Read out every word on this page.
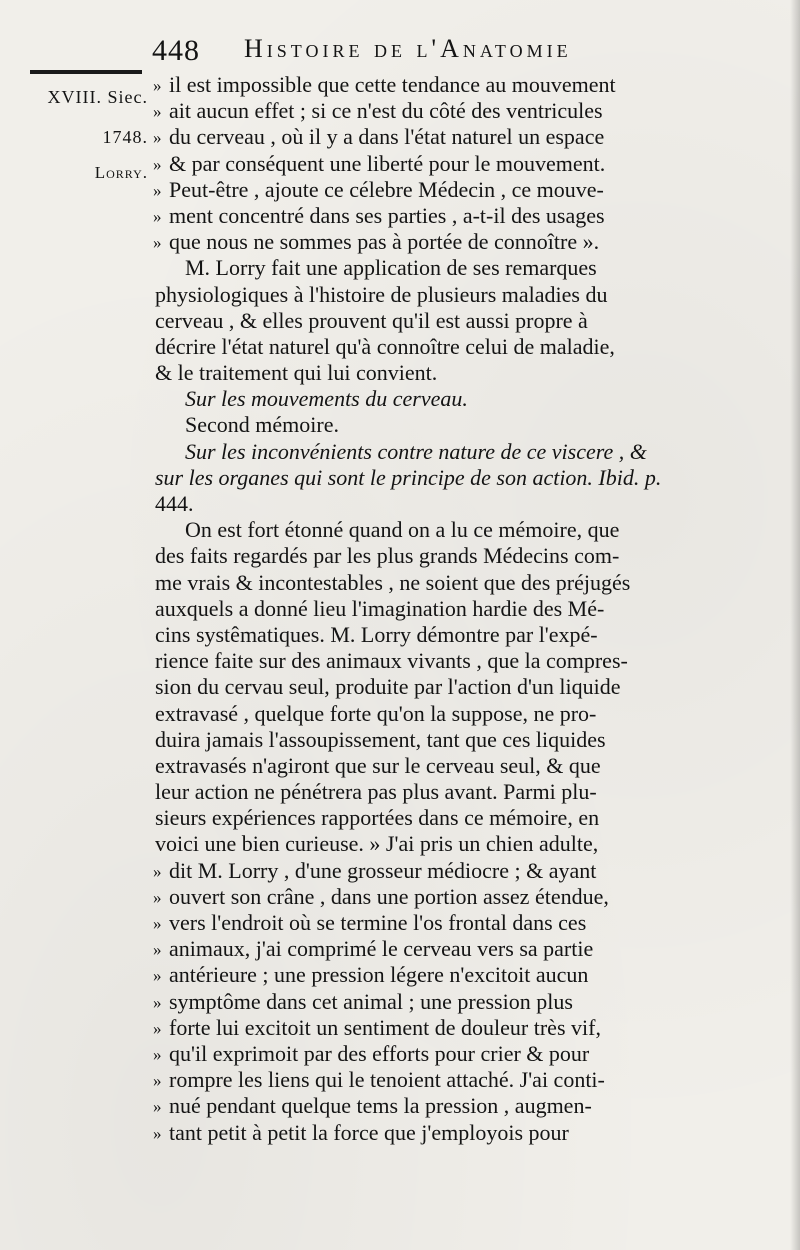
448 Histoire de l'Anatomie
XVIII. Siec.
1748.
Lorry.
» il est impossible que cette tendance au mouvement
» ait aucun effet ; si ce n'est du côté des ventricules
» du cerveau , où il y a dans l'état naturel un espace
» & par conséquent une liberté pour le mouvement.
» Peut-être , ajoute ce célebre Médecin , ce mouve-
» ment concentré dans ses parties , a-t-il des usages
» que nous ne sommes pas à portée de connoître ».
M. Lorry fait une application de ses remarques
physiologiques à l'histoire de plusieurs maladies du
cerveau , & elles prouvent qu'il est aussi propre à
décrire l'état naturel qu'à connoître celui de maladie,
& le traitement qui lui convient.
Sur les mouvements du cerveau.
Second mémoire.
Sur les inconvénients contre nature de ce viscere , &
sur les organes qui sont le principe de son action. Ibid. p.
444.
On est fort étonné quand on a lu ce mémoire, que
des faits regardés par les plus grands Médecins com-
me vrais & incontestables , ne soient que des préjugés
auxquels a donné lieu l'imagination hardie des Mé-
cins systêmatiques. M. Lorry démontre par l'expé-
rience faite sur des animaux vivants , que la compres-
sion du cervau seul, produite par l'action d'un liquide
extravasé , quelque forte qu'on la suppose, ne pro-
duira jamais l'assoupissement, tant que ces liquides
extravasés n'agiront que sur le cerveau seul, & que
leur action ne pénétrera pas plus avant. Parmi plu-
sieurs expériences rapportées dans ce mémoire, en
voici une bien curieuse. » J'ai pris un chien adulte,
» dit M. Lorry , d'une grosseur médiocre ; & ayant
» ouvert son crâne , dans une portion assez étendue,
» vers l'endroit où se termine l'os frontal dans ces
» animaux, j'ai comprimé le cerveau vers sa partie
» antérieure ; une pression légere n'excitoit aucun
» symptôme dans cet animal ; une pression plus
» forte lui excitoit un sentiment de douleur très vif,
» qu'il exprimoit par des efforts pour crier & pour
» rompre les liens qui le tenoient attaché. J'ai conti-
» nué pendant quelque tems la pression , augmen-
» tant petit à petit la force que j'employois pour
